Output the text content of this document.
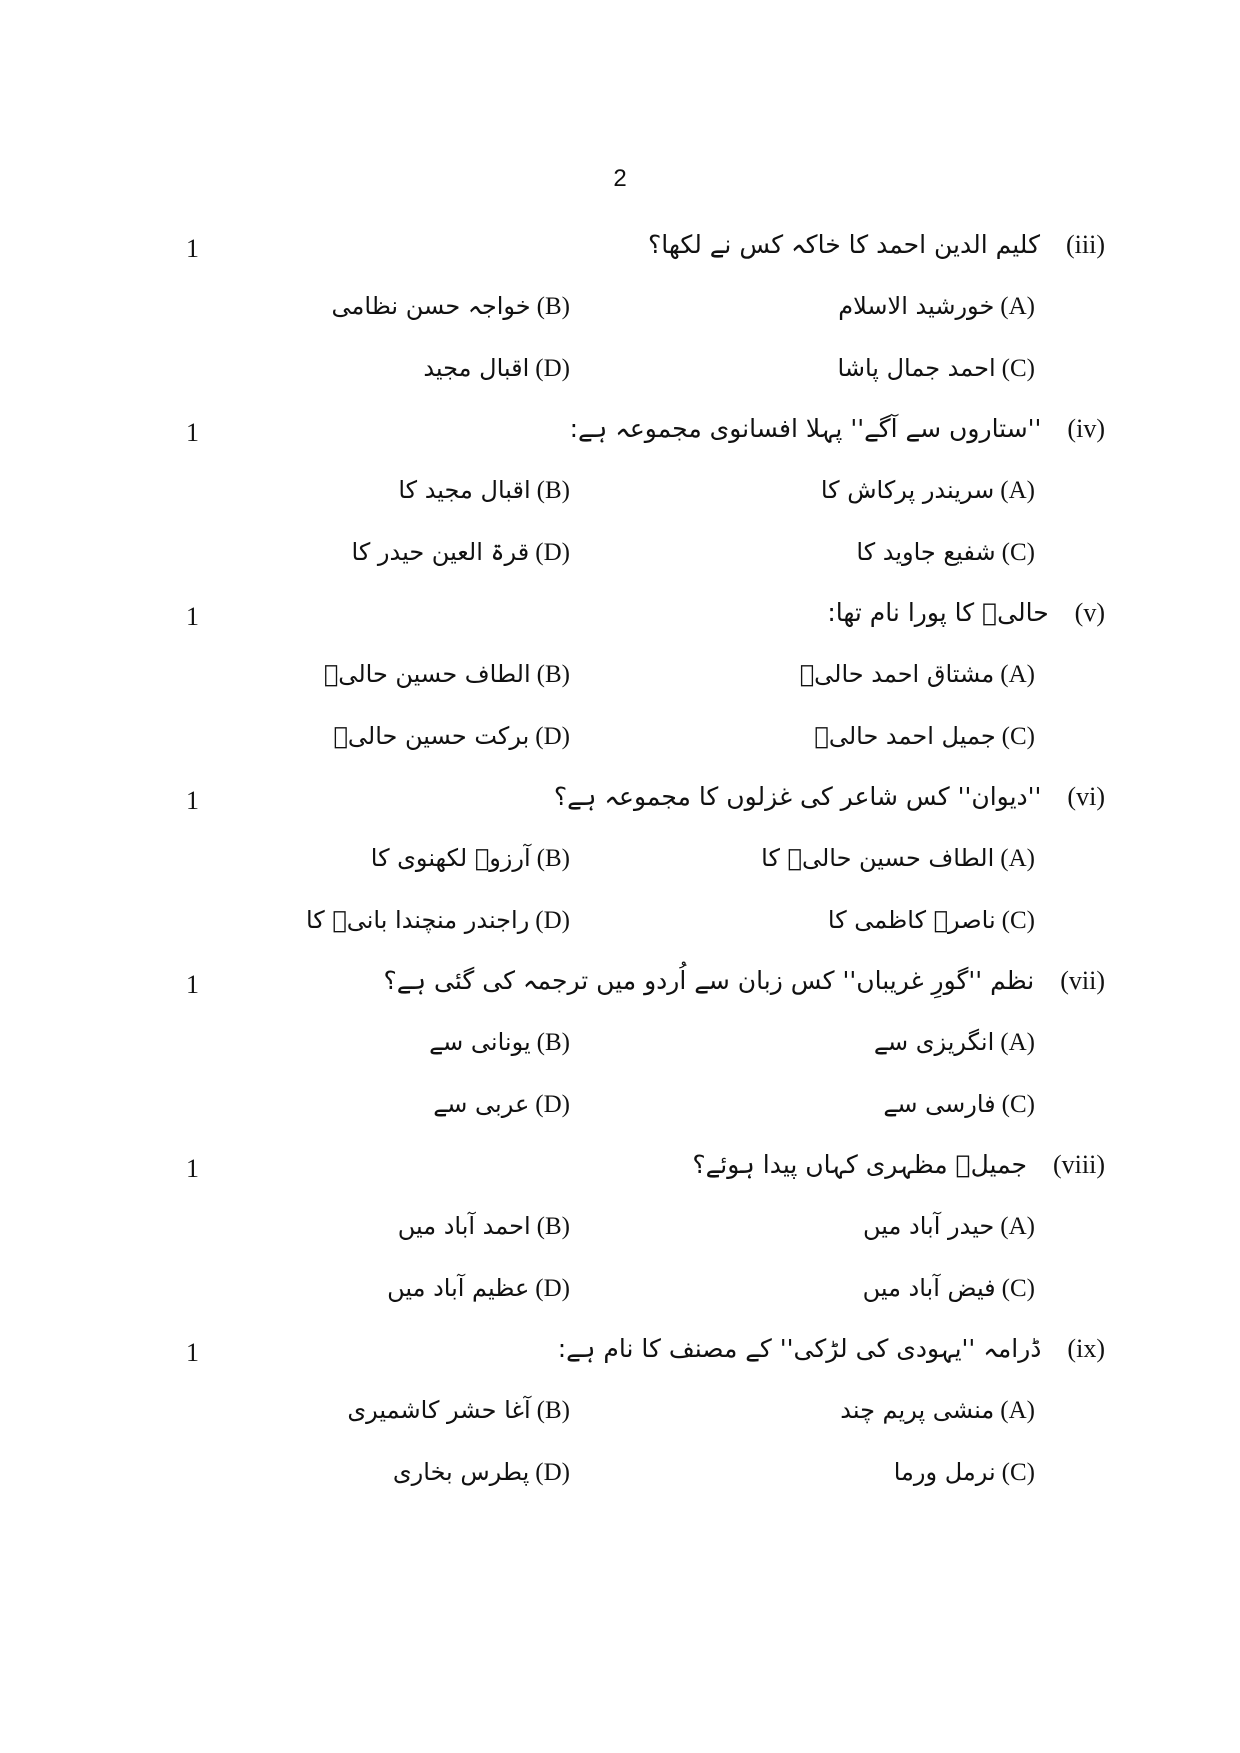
2
1	(iii)کلیم الدین احمد کا خاکہ کس نے لکھا؟
(A)خورشید الاسلام
(B)خواجہ حسن نظامی
(C)احمد جمال پاشا
(D)اقبال مجید
1	(iv)''ستاروں سے آگے'' پہلا افسانوی مجموعہ ہے:
(A)سریندر پرکاش کا
(B)اقبال مجید کا
(C)شفیع جاوید کا
(D)قرۃ العین حیدر کا
1	(v)حالیؔ کا پورا نام تھا:
(A)مشتاق احمد حالیؔ
(B)الطاف حسین حالیؔ
(C)جمیل احمد حالیؔ
(D)برکت حسین حالیؔ
1	(vi)''دیوان'' کس شاعر کی غزلوں کا مجموعہ ہے؟
(A)الطاف حسین حالیؔ کا
(B)آرزوؔ لکھنوی کا
(C)ناصرؔ کاظمی کا
(D)راجندر منچندا بانیؔ کا
1	(vii)نظم ''گورِ غریباں'' کس زبان سے اُردو میں ترجمہ کی گئی ہے؟
(A)انگریزی سے
(B)یونانی سے
(C)فارسی سے
(D)عربی سے
1	(viii)جمیلؔ مظہری کہاں پیدا ہوئے؟
(A)حیدر آباد میں
(B)احمد آباد میں
(C)فیض آباد میں
(D)عظیم آباد میں
1	(ix)ڈرامہ ''یہودی کی لڑکی'' کے مصنف کا نام ہے:
(A)منشی پریم چند
(B)آغا حشر کاشمیری
(C)نرمل ورما
(D)پطرس بخاری
